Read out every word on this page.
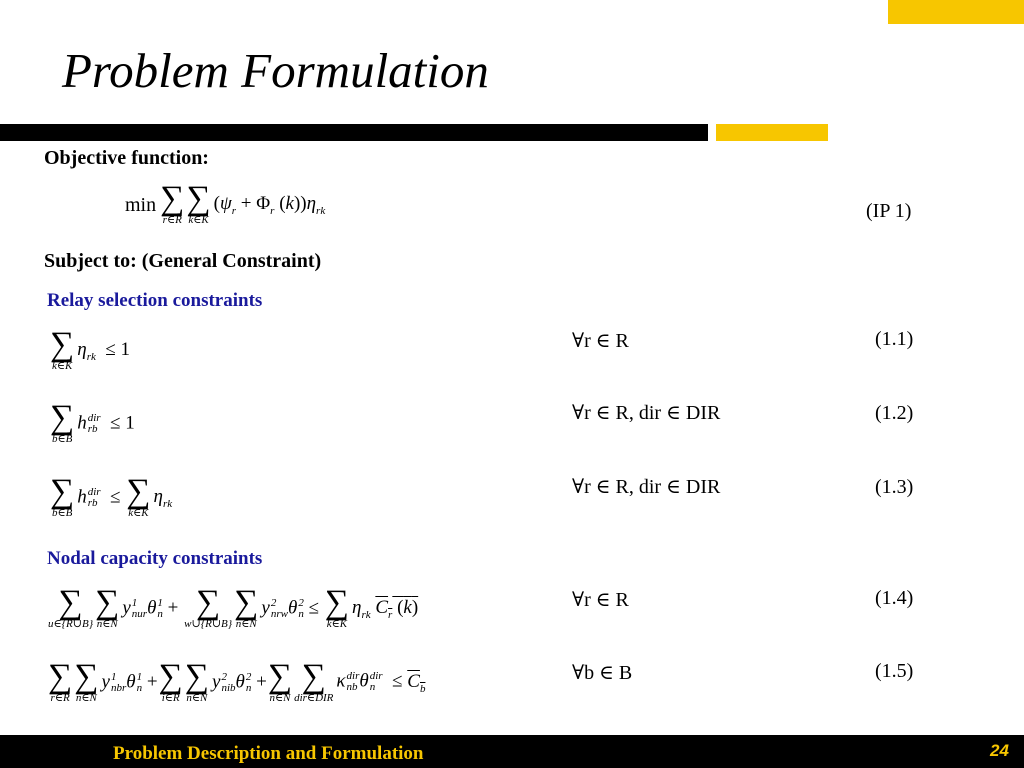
Problem Formulation
Objective function:
min ∑
r∈R
∑
k∈K
($\psi_r + \Phi_r$ $(k))\eta_{rk}$	(IP 1)
Subject to: (General Constraint)
Relay selection constraints
∑
k∈K
$\eta_{rk} \le 1$	∀r ∈ R	(1.1)
∑
b∈B
h dir
rb ≤ 1	∀r ∈ R, dir ∈ DIR	(1.2)
∑
b∈B
h dir
rb ≤ ∑
k∈K
$\eta_{rk}$
∀r ∈ R, dir ∈ DIR	(1.3)
Nodal capacity constraints
∑
u∈{R∪B}
∑
n∈N
y 1
nur θ 1
n + ∑
w∪{R∪B}
∑
n∈N
y 2
nrw θ 2
n ≤ ∑
k∈K
$\eta_{rk}$ $C_r$ (k)	∀r ∈ R	(1.4)
∑
r∈R
∑
n∈N
y 1
nbr θ 1
n + ∑
i∈R
∑
n∈N
y 2
nib θ 2
n + ∑
n∈N
∑
dir∈DIR
κ dir
nb θ dir
$n \le C_b$
∀b ∈ B	(1.5)
Problem Description and Formulation	24
